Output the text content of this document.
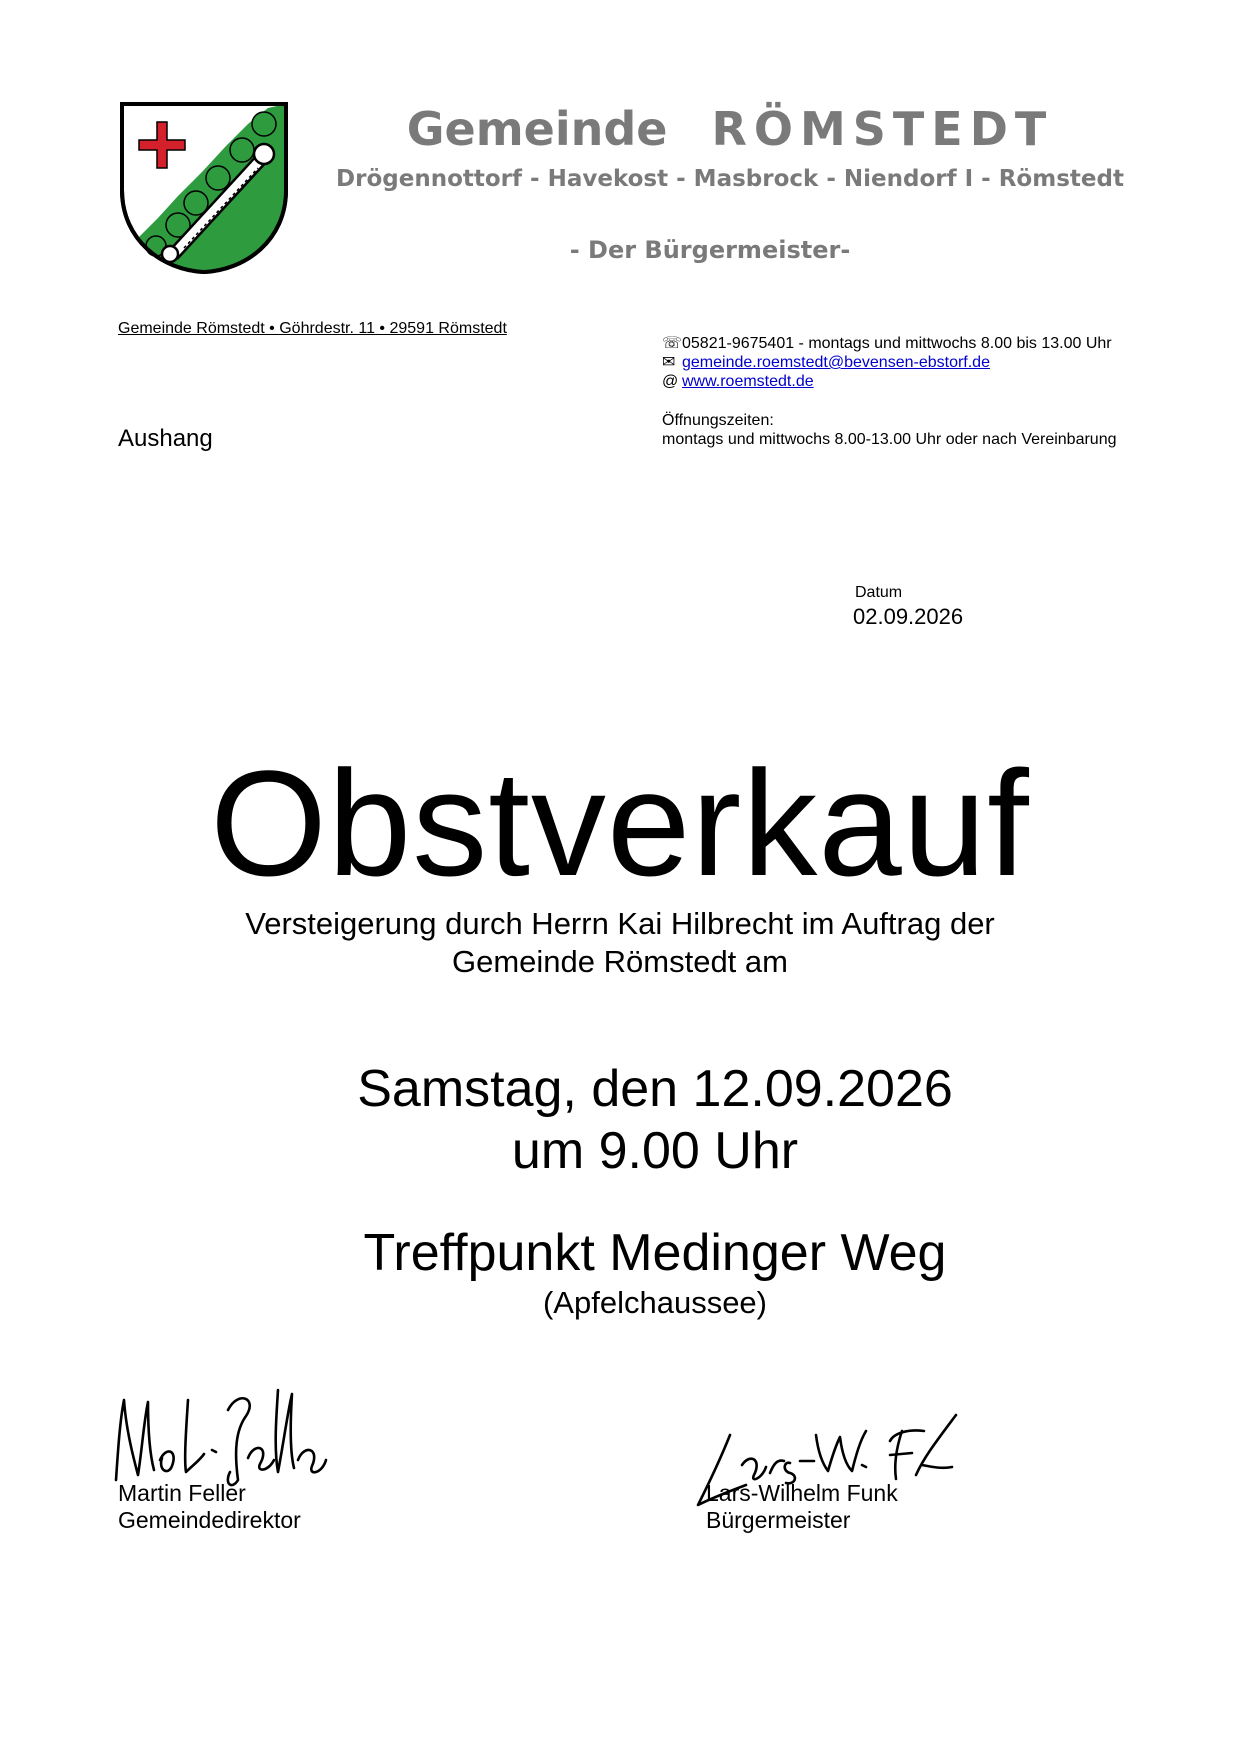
Gemeinde RÖMSTEDT
Drögennottorf - Havekost - Masbrock - Niendorf I - Römstedt
- Der Bürgermeister-
Gemeinde Römstedt • Göhrdestr. 11 • 29591 Römstedt
☏05821-9675401 - montags und mittwochs 8.00 bis 13.00 Uhr
✉ gemeinde.roemstedt@bevensen-ebstorf.de
@ www.roemstedt.de
Öffnungszeiten:
montags und mittwochs 8.00-13.00 Uhr oder nach Vereinbarung
Aushang
Datum
02.09.2026
Obstverkauf
Versteigerung durch Herrn Kai Hilbrecht im Auftrag der
Gemeinde Römstedt am
Samstag, den 12.09.2026
um 9.00 Uhr
Treffpunkt Medinger Weg
(Apfelchaussee)
Martin Feller
Gemeindedirektor
Lars-Wilhelm Funk
Bürgermeister
